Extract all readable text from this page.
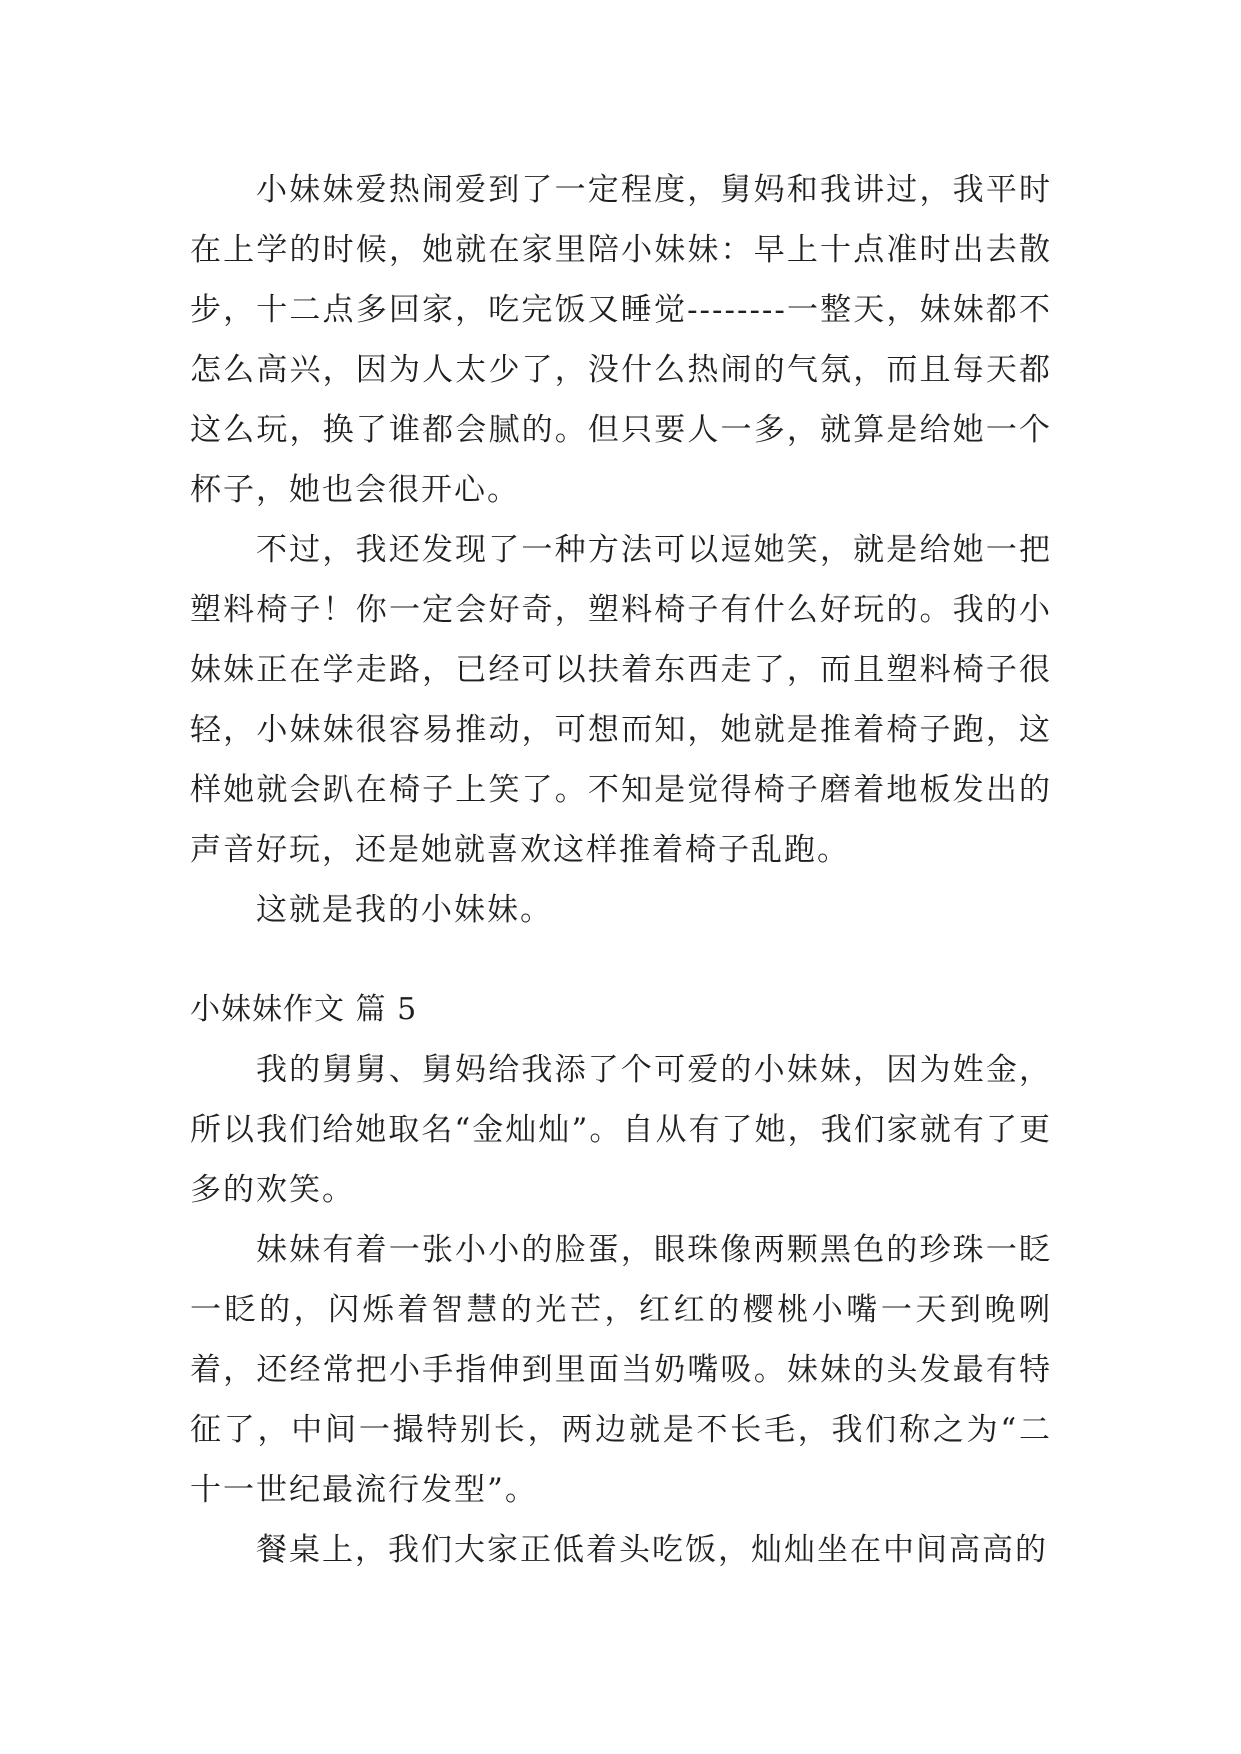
小妹妹爱热闹爱到了一定程度，舅妈和我讲过，我平时在上学的时候，她就在家里陪小妹妹：早上十点准时出去散步，十二点多回家，吃完饭又睡觉--------一整天，妹妹都不怎么高兴，因为人太少了，没什么热闹的气氛，而且每天都这么玩，换了谁都会腻的。但只要人一多，就算是给她一个杯子，她也会很开心。

不过，我还发现了一种方法可以逗她笑，就是给她一把塑料椅子！你一定会好奇，塑料椅子有什么好玩的。我的小妹妹正在学走路，已经可以扶着东西走了，而且塑料椅子很轻，小妹妹很容易推动，可想而知，她就是推着椅子跑，这样她就会趴在椅子上笑了。不知是觉得椅子磨着地板发出的声音好玩，还是她就喜欢这样推着椅子乱跑。

这就是我的小妹妹。

小妹妹作文 篇 5

我的舅舅、舅妈给我添了个可爱的小妹妹，因为姓金，所以我们给她取名“金灿灿”。自从有了她，我们家就有了更多的欢笑。

妹妹有着一张小小的脸蛋，眼珠像两颗黑色的珍珠一眨一眨的，闪烁着智慧的光芒，红红的樱桃小嘴一天到晚咧着，还经常把小手指伸到里面当奶嘴吸。妹妹的头发最有特征了，中间一撮特别长，两边就是不长毛，我们称之为“二十一世纪最流行发型”。

餐桌上，我们大家正低着头吃饭，灿灿坐在中间高高的
